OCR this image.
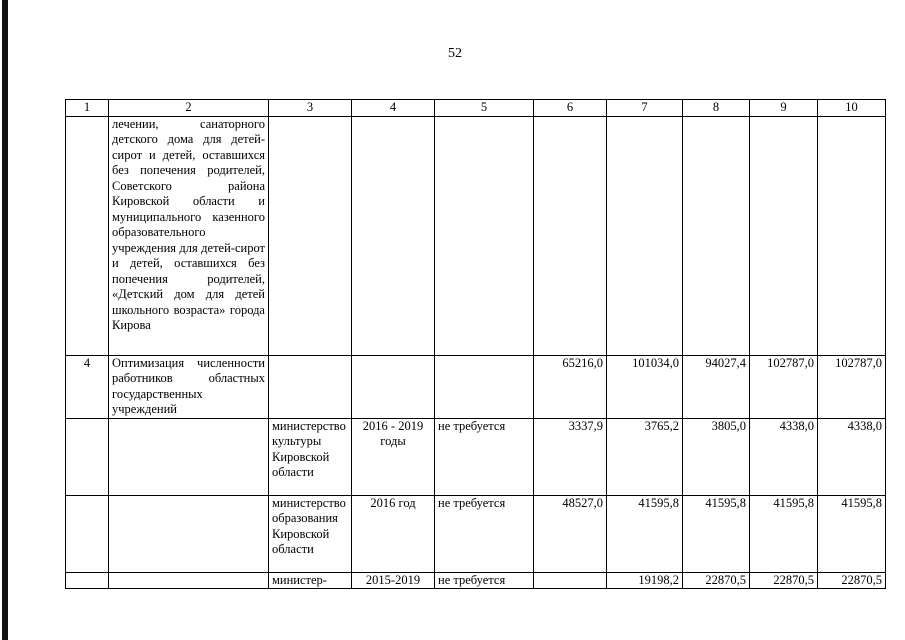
52
1	2	3	4	5	6	7	8	9	10
	лечении, санаторного детского дома для детей-сирот и детей, оставшихся без попечения родителей, Советского района Кировской области и муниципального казенного образовательного учреждения для детей-сирот и детей, оставшихся без попечения родителей, «Детский дом для детей школьного возраста» города Кирова								
4	Оптимизация численности работников областных государственных учреждений				65216,0	101034,0	94027,4	102787,0	102787,0
		министерство культуры Кировской области	2016 - 2019 годы	не требуется	3337,9	3765,2	3805,0	4338,0	4338,0
		министерство образования Кировской области	2016 год	не требуется	48527,0	41595,8	41595,8	41595,8	41595,8
		министер-	2015-2019	не требуется		19198,2	22870,5	22870,5	22870,5
